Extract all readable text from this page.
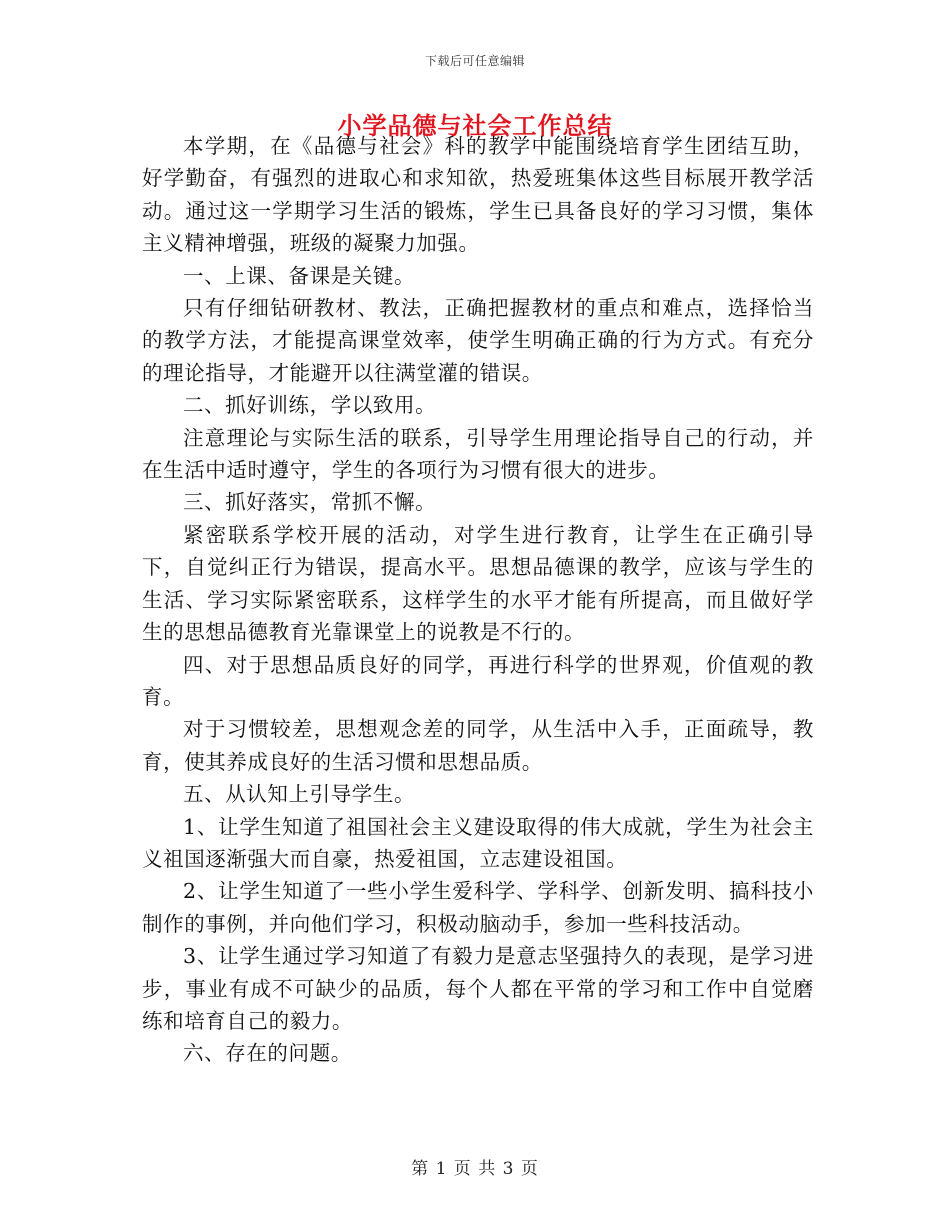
下载后可任意编辑
小学品德与社会工作总结

本学期，在《品德与社会》科的教学中能围绕培育学生团结互助，好学勤奋，有强烈的进取心和求知欲，热爱班集体这些目标展开教学活动。通过这一学期学习生活的锻炼，学生已具备良好的学习习惯，集体主义精神增强，班级的凝聚力加强。

一、上课、备课是关键。

只有仔细钻研教材、教法，正确把握教材的重点和难点，选择恰当的教学方法，才能提高课堂效率，使学生明确正确的行为方式。有充分的理论指导，才能避开以往满堂灌的错误。

二、抓好训练，学以致用。

注意理论与实际生活的联系，引导学生用理论指导自己的行动，并在生活中适时遵守，学生的各项行为习惯有很大的进步。

三、抓好落实，常抓不懈。

紧密联系学校开展的活动，对学生进行教育，让学生在正确引导下，自觉纠正行为错误，提高水平。思想品德课的教学，应该与学生的生活、学习实际紧密联系，这样学生的水平才能有所提高，而且做好学生的思想品德教育光靠课堂上的说教是不行的。

四、对于思想品质良好的同学，再进行科学的世界观，价值观的教育。

对于习惯较差，思想观念差的同学，从生活中入手，正面疏导，教育，使其养成良好的生活习惯和思想品质。

五、从认知上引导学生。

1、让学生知道了祖国社会主义建设取得的伟大成就，学生为社会主义祖国逐渐强大而自豪，热爱祖国，立志建设祖国。

2、让学生知道了一些小学生爱科学、学科学、创新发明、搞科技小制作的事例，并向他们学习，积极动脑动手，参加一些科技活动。

3、让学生通过学习知道了有毅力是意志坚强持久的表现，是学习进步，事业有成不可缺少的品质，每个人都在平常的学习和工作中自觉磨练和培育自己的毅力。

六、存在的问题。

第 1 页 共 3 页
